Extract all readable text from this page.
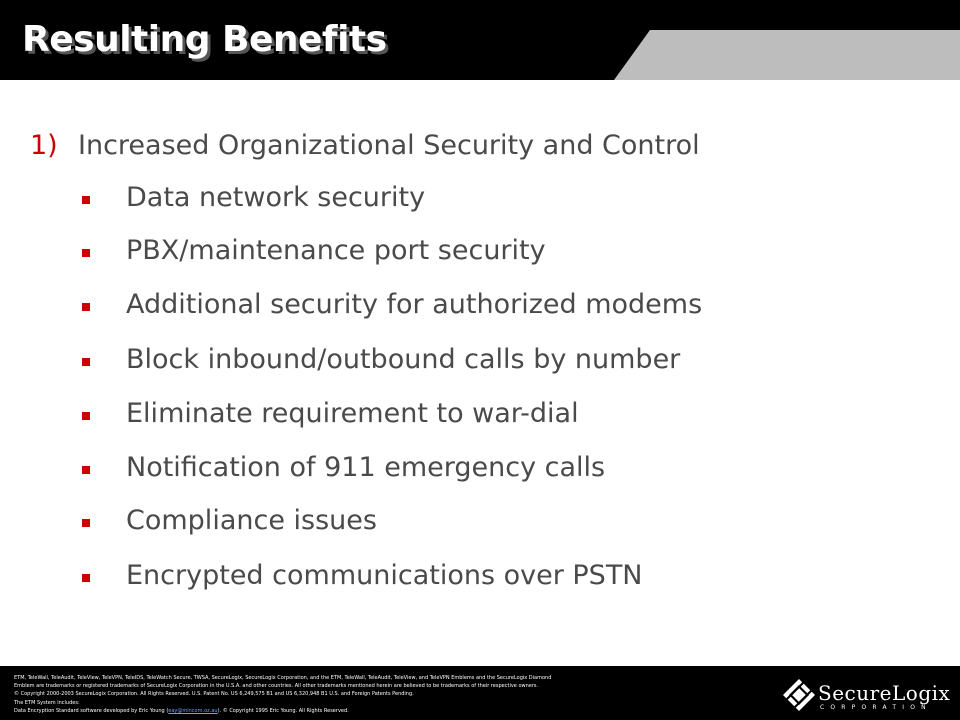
Resulting Benefits
1) Increased Organizational Security and Control
Data network security
PBX/maintenance port security
Additional security for authorized modems
Block inbound/outbound calls by number
Eliminate requirement to war-dial
Notification of 911 emergency calls
Compliance issues
Encrypted communications over PSTN
ETM, TeleWall, TeleAudit, TeleView, TeleVPN, TeleIDS, TeleWatch Secure, TWSA, SecureLogix, SecureLogix Corporation, and the ETM, TeleWall, TeleAudit, TeleView, and TeleVPN Emblems and the SecureLogix Diamond
Emblem are trademarks or registered trademarks of SecureLogix Corporation in the U.S.A. and other countries. All other trademarks mentioned herein are believed to be trademarks of their respective owners.
© Copyright 2000-2003 SecureLogix Corporation. All Rights Reserved. U.S. Patent No. US 6,249,575 B1 and US 6,320,948 B1 U.S. and Foreign Patents Pending.
The ETM System includes:
Data Encryption Standard software developed by Eric Young (eay@mincom.oz.au). © Copyright 1995 Eric Young. All Rights Reserved.
SecureLogix
CORPORATION
